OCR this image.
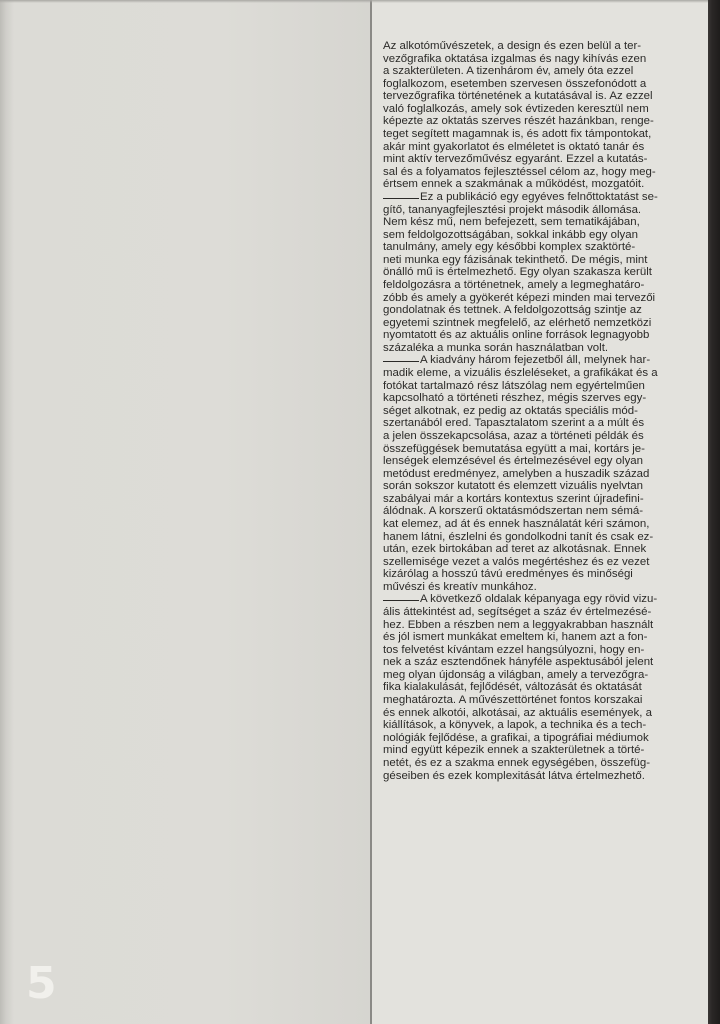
5
Az alkotóművészetek, a design és ezen belül a ter-
vezőgrafika oktatása izgalmas és nagy kihívás ezen
a szakterületen. A tizenhárom év, amely óta ezzel
foglalkozom, esetemben szervesen összefonódott a
tervezőgrafika történetének a kutatásával is. Az ezzel
való foglalkozás, amely sok évtizeden keresztül nem
képezte az oktatás szerves részét hazánkban, renge-
teget segített magamnak is, és adott fix támpontokat,
akár mint gyakorlatot és elméletet is oktató tanár és
mint aktív tervezőművész egyaránt. Ezzel a kutatás-
sal és a folyamatos fejlesztéssel célom az, hogy meg-
értsem ennek a szakmának a működést, mozgatóit.
Ez a publikáció egy egyéves felnőttoktatást se-
gítő, tananyagfejlesztési projekt második állomása.
Nem kész mű, nem befejezett, sem tematikájában,
sem feldolgozottságában, sokkal inkább egy olyan
tanulmány, amely egy későbbi komplex szaktörté-
neti munka egy fázisának tekinthető. De mégis, mint
önálló mű is értelmezhető. Egy olyan szakasza került
feldolgozásra a történetnek, amely a legmeghatáro-
zóbb és amely a gyökerét képezi minden mai tervezői
gondolatnak és tettnek. A feldolgozottság szintje az
egyetemi szintnek megfelelő, az elérhető nemzetközi
nyomtatott és az aktuális online források legnagyobb
százaléka a munka során használatban volt.
A kiadvány három fejezetből áll, melynek har-
madik eleme, a vizuális észleléseket, a grafikákat és a
fotókat tartalmazó rész látszólag nem egyértelműen
kapcsolható a történeti részhez, mégis szerves egy-
séget alkotnak, ez pedig az oktatás speciális mód-
szertanából ered. Tapasztalatom szerint a a múlt és
a jelen összekapcsolása, azaz a történeti példák és
összefüggések bemutatása együtt a mai, kortárs je-
lenségek elemzésével és értelmezésével egy olyan
metódust eredményez, amelyben a huszadik század
során sokszor kutatott és elemzett vizuális nyelvtan
szabályai már a kortárs kontextus szerint újradefini-
álódnak. A korszerű oktatásmódszertan nem sémá-
kat elemez, ad át és ennek használatát kéri számon,
hanem látni, észlelni és gondolkodni tanít és csak ez-
után, ezek birtokában ad teret az alkotásnak. Ennek
szellemisége vezet a valós megértéshez és ez vezet
kizárólag a hosszú távú eredményes és minőségi
művészi és kreatív munkához.
A következő oldalak képanyaga egy rövid vizu-
ális áttekintést ad, segítséget a száz év értelmezésé-
hez. Ebben a részben nem a leggyakrabban használt
és jól ismert munkákat emeltem ki, hanem azt a fon-
tos felvetést kívántam ezzel hangsúlyozni, hogy en-
nek a száz esztendőnek hányféle aspektusából jelent
meg olyan újdonság a világban, amely a tervezőgra-
fika kialakulását, fejlődését, változását és oktatását
meghatározta. A művészettörténet fontos korszakai
és ennek alkotói, alkotásai, az aktuális események, a
kiállítások, a könyvek, a lapok, a technika és a tech-
nológiák fejlődése, a grafikai, a tipográfiai médiumok
mind együtt képezik ennek a szakterületnek a törté-
netét, és ez a szakma ennek egységében, összefüg-
géseiben és ezek komplexitását látva értelmezhető.
